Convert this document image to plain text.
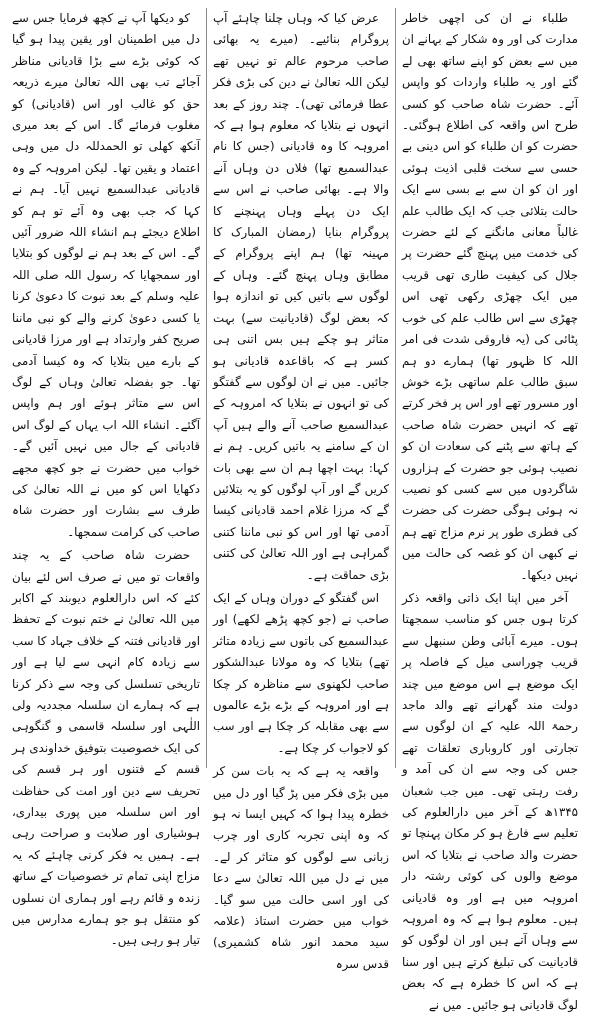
طلباء نے ان کی اچھی خاطر مدارت کی اور وہ شکار کے بہانے ان میں سے بعض کو اپنے ساتھ بھی لے گئے اور یہ طلباء واردات کو واپس آئے۔ حضرت شاہ صاحب کو کسی طرح اس واقعہ کی اطلاع ہوگئی۔ حضرت کو ان طلباء کو اس دینی بے حسی سے سخت قلبی اذیت ہوئی اور ان کو ان سے بے بسی سے ایک حالت بتلائی جب کہ ایک طالب علم غالباً معانی مانگنے کے لئے حضرت کی خدمت میں پہنچ گئے حضرت پر جلال کی کیفیت طاری تھی قریب میں ایک چھڑی رکھی تھی اس چھڑی سے اس طالب علم کی خوب پٹائی کی (یہ فاروقی شدت فی امر اللہ کا ظہور تھا) ہمارے دو ہم سبق طالب علم ساتھی بڑے خوش اور مسرور تھے اور اس پر فخر کرتے تھے کہ انہیں حضرت شاہ صاحب کے ہاتھ سے پٹنے کی سعادت ان کو نصیب ہوئی جو حضرت کے ہزاروں شاگردوں میں سے کسی کو نصیب نہ ہوئی ہوگی حضرت کی حضرت کی فطری طور پر نرم مزاج تھے ہم نے کبھی ان کو غصہ کی حالت میں نہیں دیکھا۔

آخر میں اپنا ایک ذاتی واقعہ ذکر کرتا ہوں جس کو مناسب سمجھتا ہوں۔ میرے آبائی وطن سنبھل سے قریب چوراسی میل کے فاصلہ پر ایک موضع ہے اس موضع میں چند دولت مند گھرانے تھے والد ماجد رحمۃ اللہ علیہ کے ان لوگوں سے تجارتی اور کاروباری تعلقات تھے جس کی وجہ سے ان کی آمد و رفت رہتی تھی۔ میں جب شعبان ۱۳۴۵ھ کے آخر میں دارالعلوم کی تعلیم سے فارغ ہو کر مکان پہنچا تو حضرت والد صاحب نے بتلایا کہ اس موضع والوں کی کوئی رشتہ دار امروہہ میں ہے اور وہ قادیانی ہیں۔ معلوم ہوا ہے کہ وہ امروہہ سے وہاں آتے ہیں اور ان لوگوں کو قادیانیت کی تبلیغ کرتے ہیں اور سنا ہے کہ اس کا خطرہ ہے کہ بعض لوگ قادیانی ہو جائیں۔ میں نے

عرض کیا کہ وہاں چلنا چاہئے آپ پروگرام بنائیے۔ (میرے یہ بھائی صاحب مرحوم عالم تو نہیں تھے لیکن اللہ تعالیٰ نے دین کی بڑی فکر عطا فرمائی تھی)۔ چند روز کے بعد انہوں نے بتلایا کہ معلوم ہوا ہے کہ امروہہ کا وہ قادیانی (جس کا نام عبدالسمیع تھا) فلاں دن وہاں آنے والا ہے۔ بھائی صاحب نے اس سے ایک دن پہلے وہاں پہنچنے کا پروگرام بنایا (رمضان المبارک کا مہینہ تھا) ہم اپنے پروگرام کے مطابق وہاں پہنچ گئے۔ وہاں کے لوگوں سے باتیں کیں تو اندازہ ہوا کہ بعض لوگ (قادیانیت سے) بہت متاثر ہو چکے ہیں بس اتنی ہی کسر ہے کہ باقاعدہ قادیانی ہو جائیں۔ میں نے ان لوگوں سے گفتگو کی تو انہوں نے بتلایا کہ امروہہ کے عبدالسمیع صاحب آنے والے ہیں آپ ان کے سامنے یہ باتیں کریں۔ ہم نے کہا: بہت اچھا ہم ان سے بھی بات کریں گے اور آپ لوگوں کو یہ بتلائیں گے کہ مرزا غلام احمد قادیانی کیسا آدمی تھا اور اس کو نبی ماننا کتنی گمراہی ہے اور اللہ تعالیٰ کی کتنی بڑی حماقت ہے۔

اس گفتگو کے دوران وہاں کے ایک صاحب نے (جو کچھ پڑھے لکھے) اور عبدالسمیع کی باتوں سے زیادہ متاثر تھے) بتلایا کہ وہ مولانا عبدالشکور صاحب لکھنوی سے مناظرہ کر چکا ہے اور امروہہ کے بڑے بڑے عالموں سے بھی مقابلہ کر چکا ہے اور سب کو لاجواب کر چکا ہے۔

واقعہ یہ ہے کہ یہ بات سن کر میں بڑی فکر میں پڑ گیا اور دل میں خطرہ پیدا ہوا کہ کہیں ایسا نہ ہو کہ وہ اپنی تجربہ کاری اور چرب زبانی سے لوگوں کو متاثر کر لے۔ میں نے دل میں اللہ تعالیٰ سے دعا کی اور اسی حالت میں سو گیا۔ خواب میں حضرت استاذ (علامہ سید محمد انور شاہ کشمیری) قدس سرہ

کو دیکھا آپ نے کچھ فرمایا جس سے دل میں اطمینان اور یقین پیدا ہو گیا کہ کوئی بڑے سے بڑا قادیانی مناظر آجائے تب بھی اللہ تعالیٰ میرے ذریعہ حق کو غالب اور اس (قادیانی) کو مغلوب فرمائے گا۔ اس کے بعد میری آنکھ کھلی تو الحمدللہ دل میں وہی اعتماد و یقین تھا۔ لیکن امروہہ کے وہ قادیانی عبدالسمیع نہیں آیا۔ ہم نے کہا کہ جب بھی وہ آئے تو ہم کو اطلاع دیجئے ہم انشاء اللہ ضرور آئیں گے۔ اس کے بعد ہم نے لوگوں کو بتلایا اور سمجھایا کہ رسول اللہ صلی اللہ علیہ وسلم کے بعد نبوت کا دعویٰ کرنا یا کسی دعویٰ کرنے والے کو نبی ماننا صریح کفر وارتداد ہے اور مرزا قادیانی کے بارے میں بتلایا کہ وہ کیسا آدمی تھا۔ جو بفضلہ تعالیٰ وہاں کے لوگ اس سے متاثر ہوئے اور ہم واپس آگئے۔ انشاء اللہ اب یہاں کے لوگ اس قادیانی کے جال میں نہیں آئیں گے۔ خواب میں حضرت نے جو کچھ مجھے دکھایا اس کو میں نے اللہ تعالیٰ کی طرف سے بشارت اور حضرت شاہ صاحب کی کرامت سمجھا۔

حضرت شاہ صاحب کے یہ چند واقعات تو میں نے صرف اس لئے بیان کئے کہ اس دارالعلوم دیوبند کے اکابر میں اللہ تعالیٰ نے ختم نبوت کے تحفظ اور قادیانی فتنہ کے خلاف جہاد کا سب سے زیادہ کام انہی سے لیا ہے اور تاریخی تسلسل کی وجہ سے ذکر کرنا ہے کہ ہمارے ان سلسلہ مجددیہ ولی اللٰہی اور سلسلہ قاسمی و گنگوہی کی ایک خصوصیت بتوفیق خداوندی ہر قسم کے فتنوں اور ہر قسم کی تحریف سے دین اور امت کی حفاظت اور اس سلسلہ میں پوری بیداری، ہوشیاری اور صلابت و صراحت رہی ہے۔ ہمیں یہ فکر کرنی چاہئے کہ یہ مزاج اپنی تمام تر خصوصیات کے ساتھ زندہ و قائم رہے اور ہماری ان نسلوں کو منتقل ہو جو ہمارے مدارس میں تیار ہو رہی ہیں۔
